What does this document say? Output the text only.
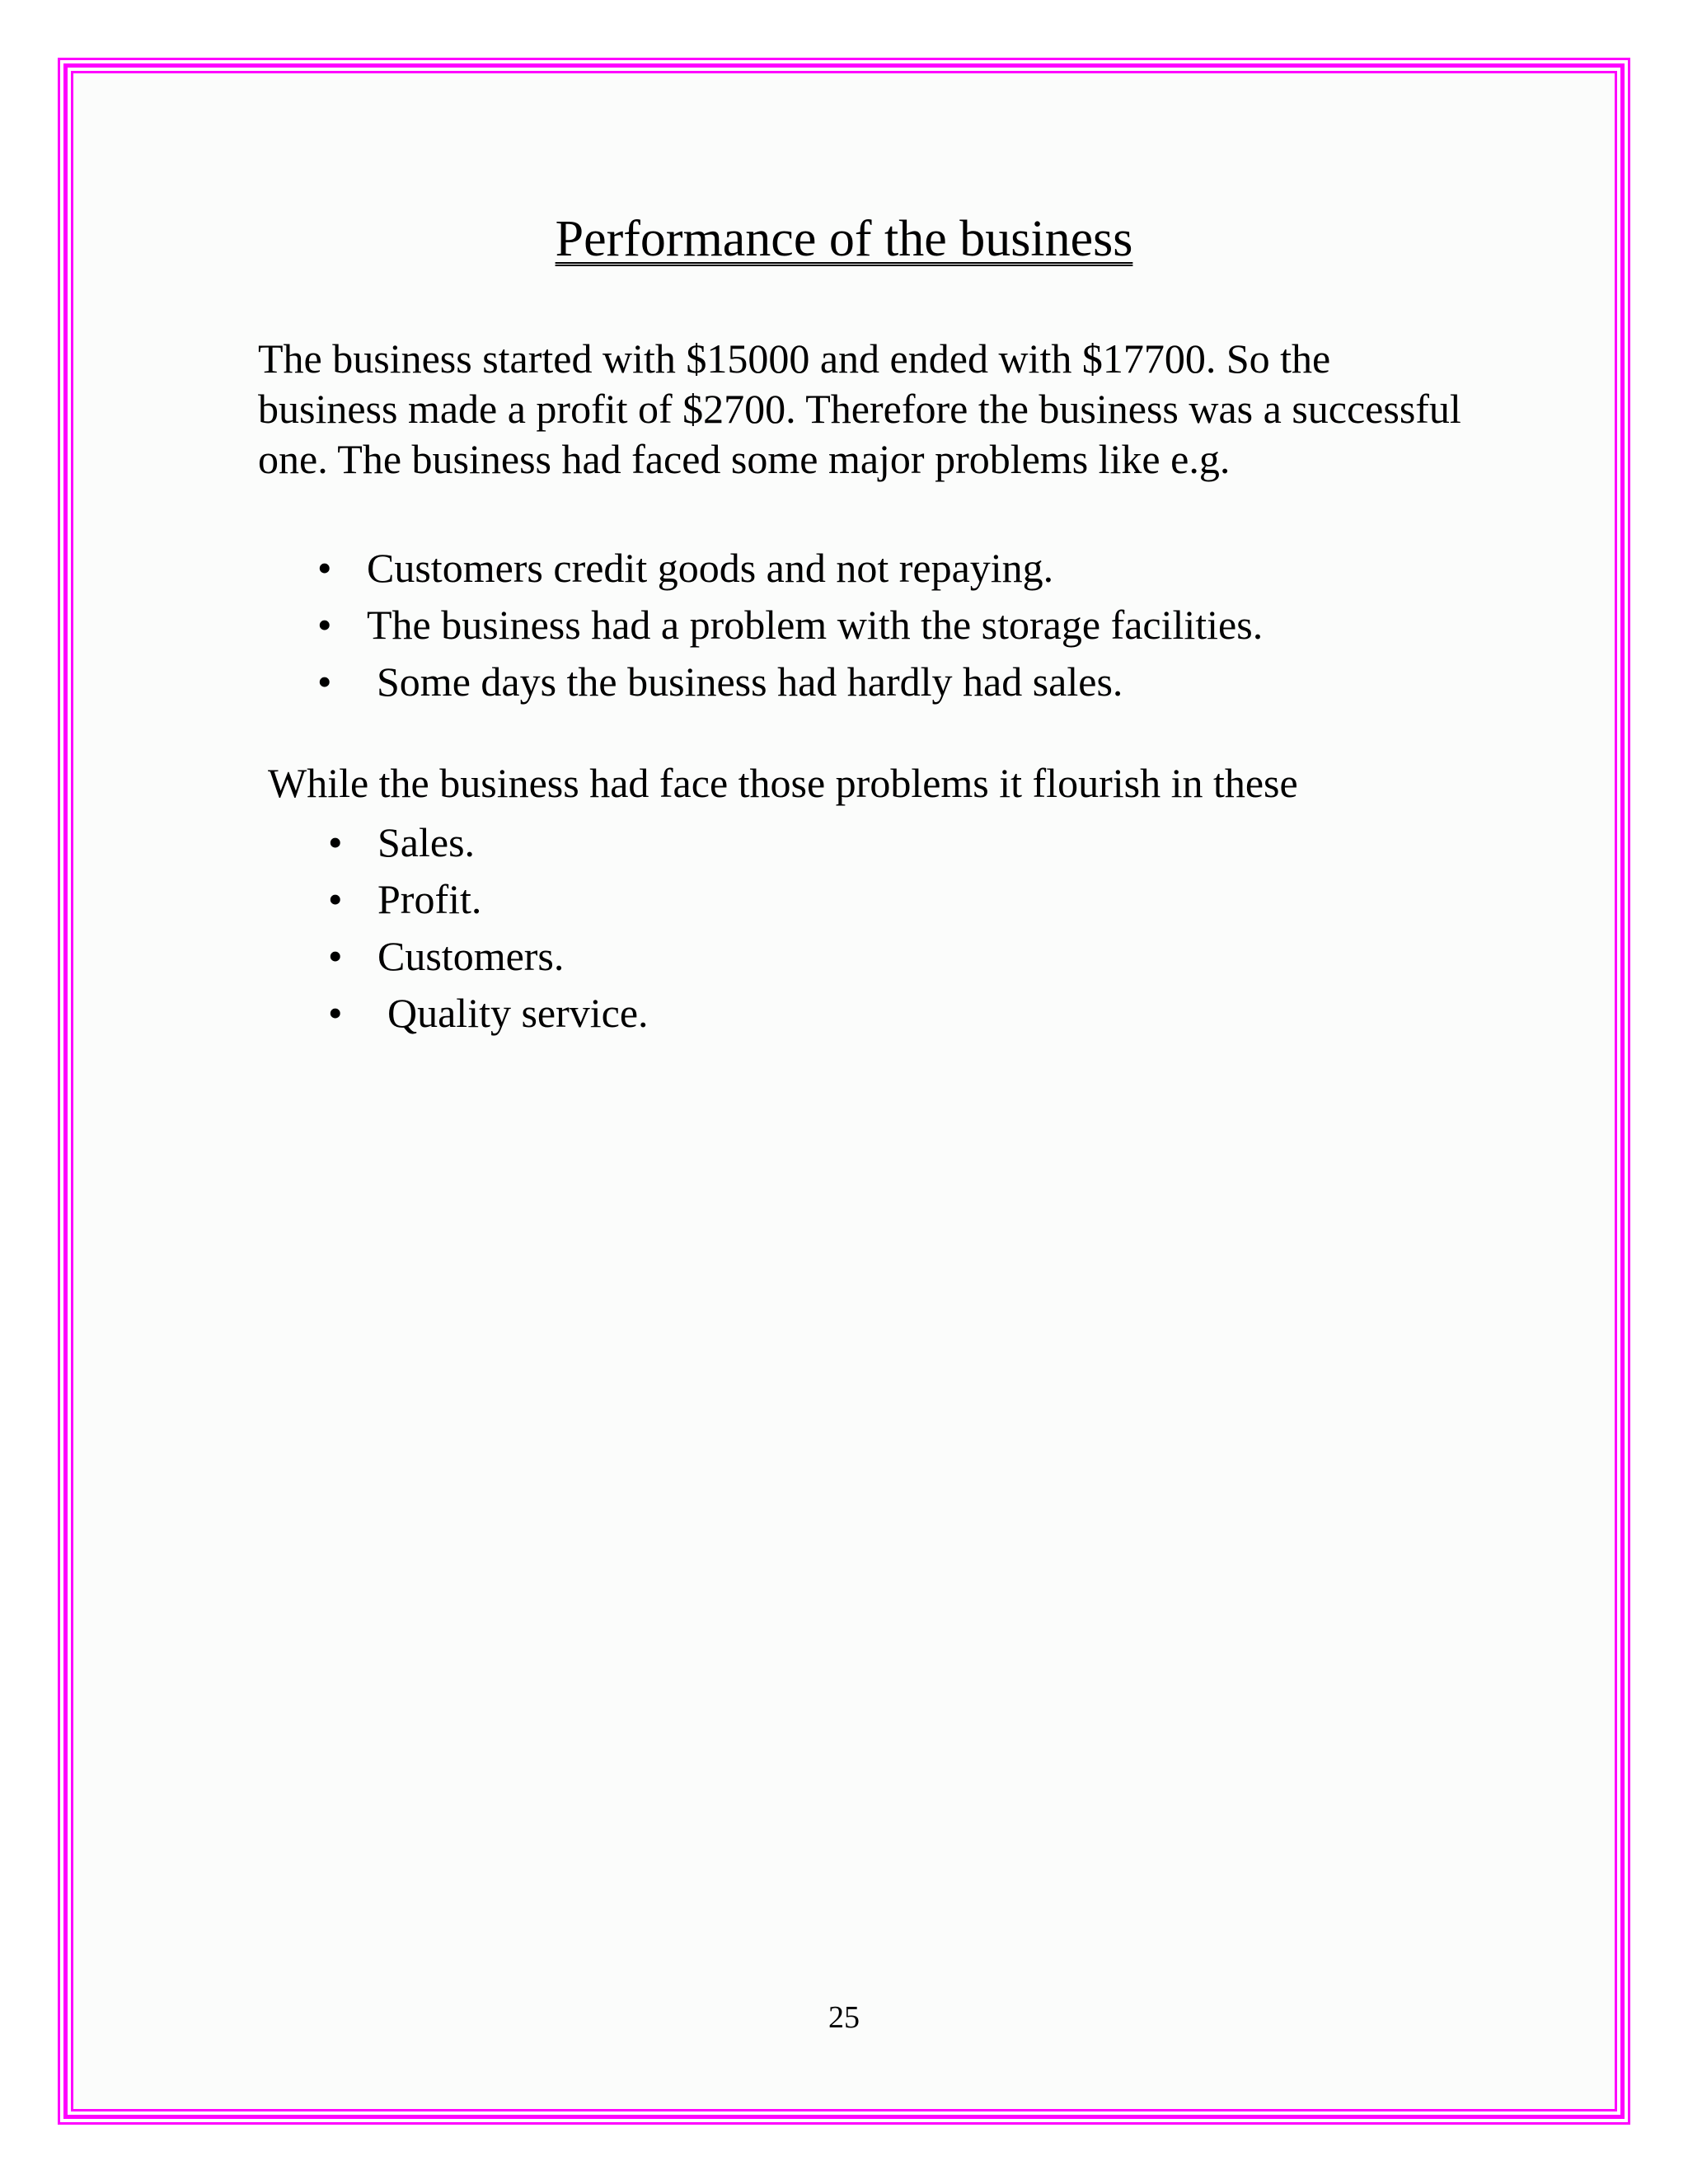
Performance of the business

The business started with $15000 and ended with $17700. So the business made a profit of $2700. Therefore the business was a successful one. The business had faced some major problems like e.g.

• Customers credit goods and not repaying.
• The business had a problem with the storage facilities.
• Some days the business had hardly had sales.

While the business had face those problems it flourish in these

• Sales.
• Profit.
• Customers.
• Quality service.
25
